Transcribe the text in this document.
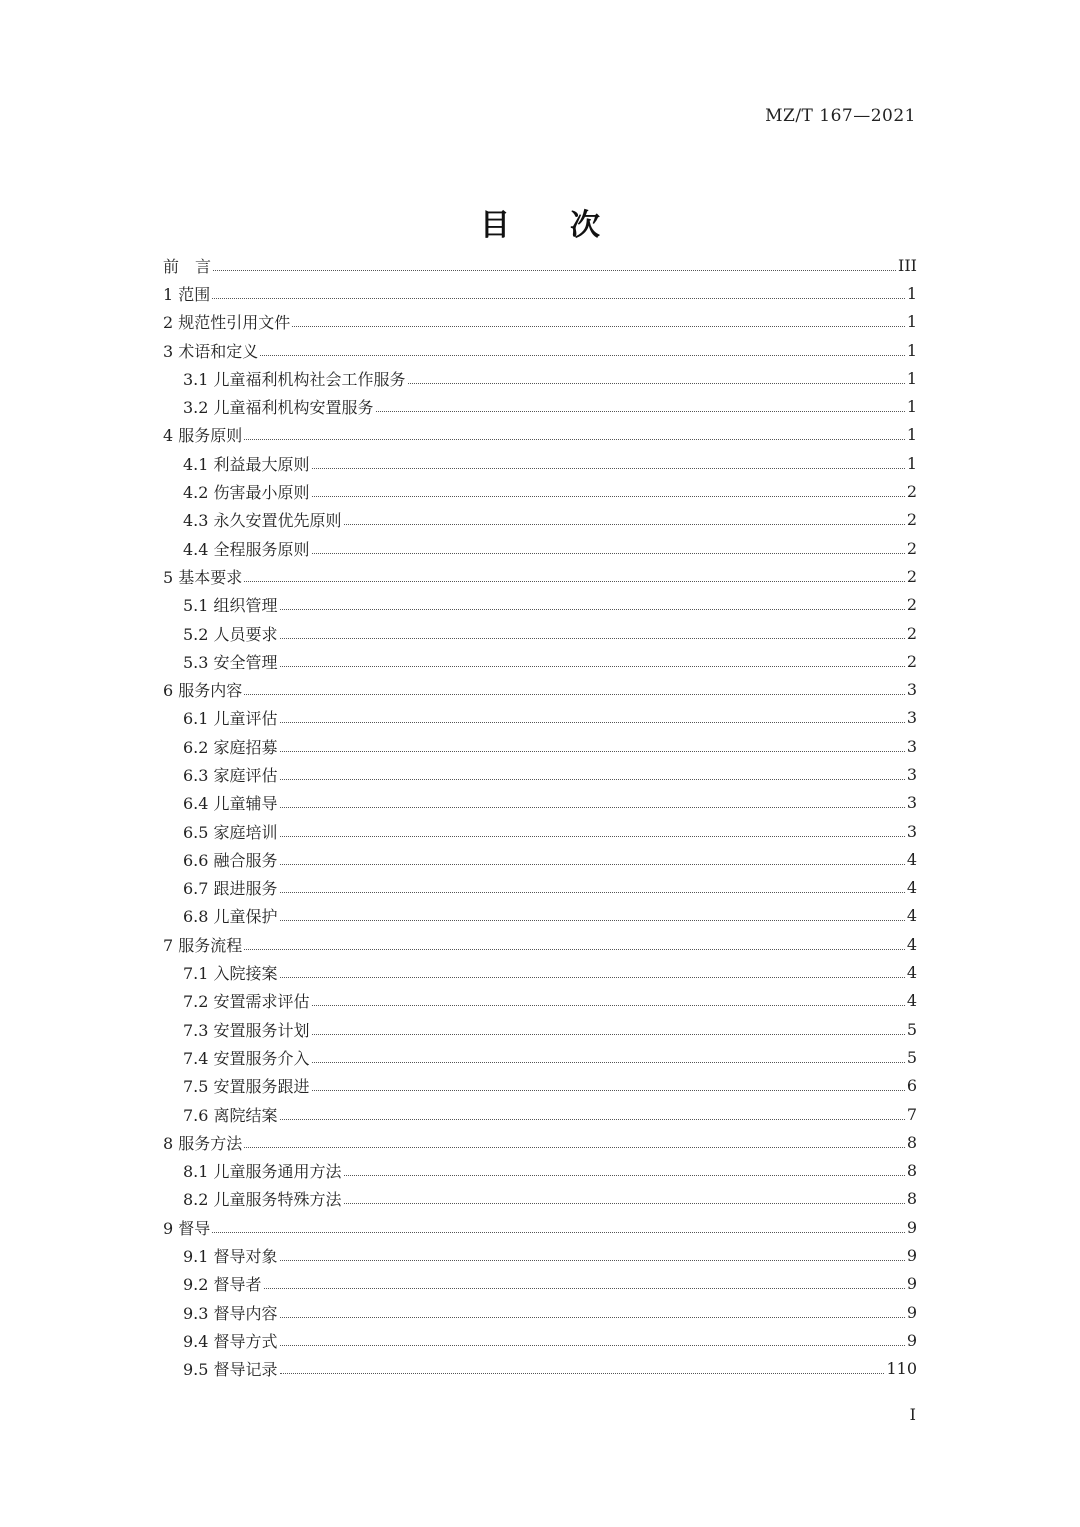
MZ/T 167—2021
目次
前　言	III
1 范围	1
2 规范性引用文件	1
3 术语和定义	1
3.1 儿童福利机构社会工作服务	1
3.2 儿童福利机构安置服务	1
4 服务原则	1
4.1 利益最大原则	1
4.2 伤害最小原则	2
4.3 永久安置优先原则	2
4.4 全程服务原则	2
5 基本要求	2
5.1 组织管理	2
5.2 人员要求	2
5.3 安全管理	2
6 服务内容	3
6.1 儿童评估	3
6.2 家庭招募	3
6.3 家庭评估	3
6.4 儿童辅导	3
6.5 家庭培训	3
6.6 融合服务	4
6.7 跟进服务	4
6.8 儿童保护	4
7 服务流程	4
7.1 入院接案	4
7.2 安置需求评估	4
7.3 安置服务计划	5
7.4 安置服务介入	5
7.5 安置服务跟进	6
7.6 离院结案	7
8 服务方法	8
8.1 儿童服务通用方法	8
8.2 儿童服务特殊方法	8
9 督导	9
9.1 督导对象	9
9.2 督导者	9
9.3 督导内容	9
9.4 督导方式	9
9.5 督导记录	110
I
